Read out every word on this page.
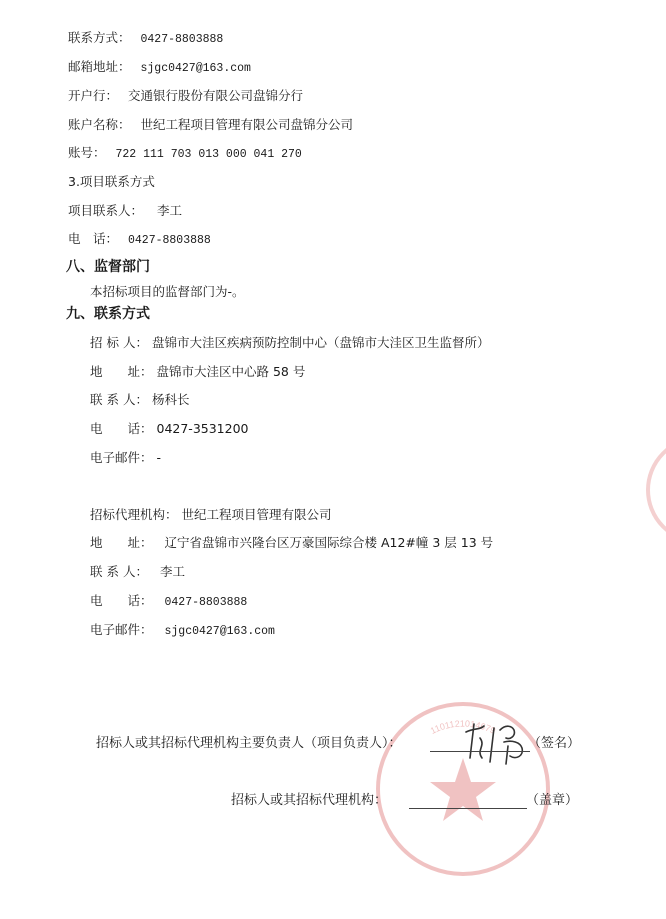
联系方式： 0427-8803888
邮箱地址： sjgc0427@163.com
开户行： 交通银行股份有限公司盘锦分行
账户名称： 世纪工程项目管理有限公司盘锦分公司
账号： 722 111 703 013 000 041 270
3.项目联系方式
项目联系人： 李工
电　话： 0427-8803888
八、监督部门
本招标项目的监督部门为-。
九、联系方式
招 标 人： 盘锦市大洼区疾病预防控制中心（盘锦市大洼区卫生监督所）
地　　址： 盘锦市大洼区中心路 58 号
联 系 人： 杨科长
电　　话： 0427-3531200
电子邮件： -
招标代理机构： 世纪工程项目管理有限公司
地　　址： 辽宁省盘锦市兴隆台区万豪国际综合楼 A12#幢 3 层 13 号
联 系 人： 李工
电　　话： 0427-8803888
电子邮件： sjgc0427@163.com
1101121014679
招标人或其招标代理机构主要负责人（项目负责人）：	（签名）
招标人或其招标代理机构：	（盖章）
